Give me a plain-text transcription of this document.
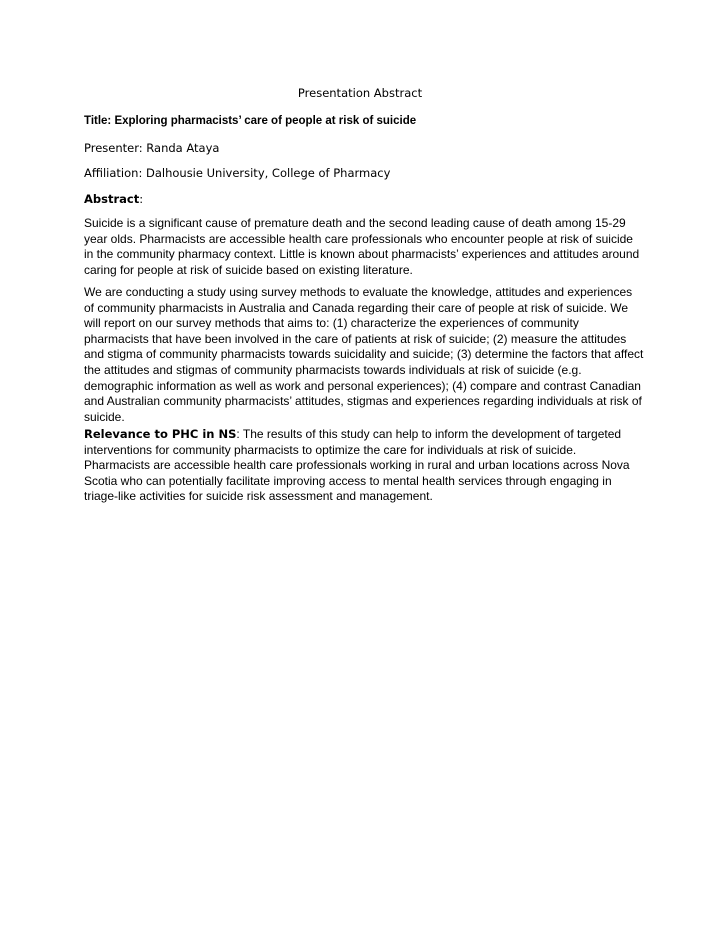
Presentation Abstract
Title: Exploring pharmacists’ care of people at risk of suicide
Presenter: Randa Ataya
Affiliation: Dalhousie University, College of Pharmacy
Abstract:
Suicide is a significant cause of premature death and the second leading cause of death among 15-29 year olds. Pharmacists are accessible health care professionals who encounter people at risk of suicide in the community pharmacy context. Little is known about pharmacists’ experiences and attitudes around caring for people at risk of suicide based on existing literature.
We are conducting a study using survey methods to evaluate the knowledge, attitudes and experiences of community pharmacists in Australia and Canada regarding their care of people at risk of suicide. We will report on our survey methods that aims to: (1) characterize the experiences of community pharmacists that have been involved in the care of patients at risk of suicide; (2) measure the attitudes and stigma of community pharmacists towards suicidality and suicide; (3) determine the factors that affect the attitudes and stigmas of community pharmacists towards individuals at risk of suicide (e.g. demographic information as well as work and personal experiences); (4) compare and contrast Canadian and Australian community pharmacists’ attitudes, stigmas and experiences regarding individuals at risk of suicide.
Relevance to PHC in NS: The results of this study can help to inform the development of targeted interventions for community pharmacists to optimize the care for individuals at risk of suicide. Pharmacists are accessible health care professionals working in rural and urban locations across Nova Scotia who can potentially facilitate improving access to mental health services through engaging in triage-like activities for suicide risk assessment and management.
